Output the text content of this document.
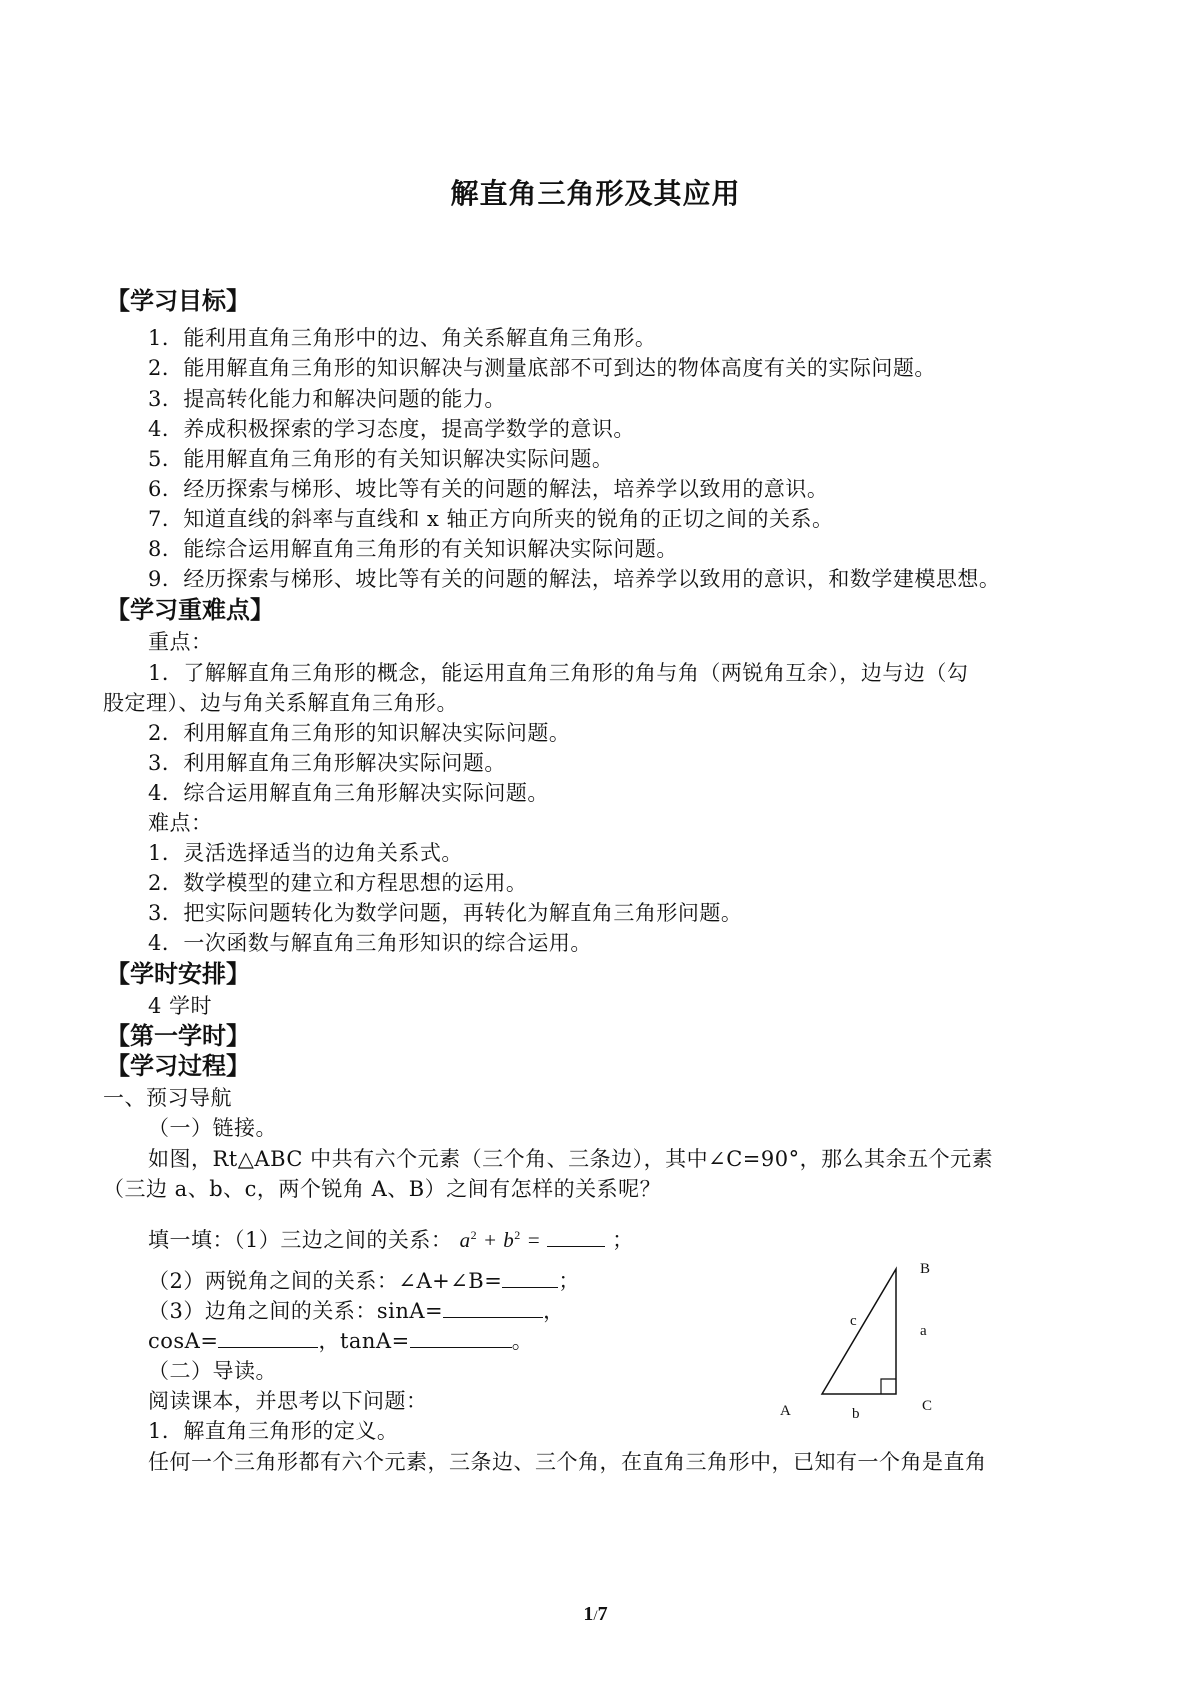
解直角三角形及其应用
【学习目标】
1．能利用直角三角形中的边、角关系解直角三角形。
2．能用解直角三角形的知识解决与测量底部不可到达的物体高度有关的实际问题。
3．提高转化能力和解决问题的能力。
4．养成积极探索的学习态度，提高学数学的意识。
5．能用解直角三角形的有关知识解决实际问题。
6．经历探索与梯形、坡比等有关的问题的解法，培养学以致用的意识。
7．知道直线的斜率与直线和 x 轴正方向所夹的锐角的正切之间的关系。
8．能综合运用解直角三角形的有关知识解决实际问题。
9．经历探索与梯形、坡比等有关的问题的解法，培养学以致用的意识，和数学建模思想。
【学习重难点】
重点：
1．了解解直角三角形的概念，能运用直角三角形的角与角（两锐角互余），边与边（勾
股定理）、边与角关系解直角三角形。
2．利用解直角三角形的知识解决实际问题。
3．利用解直角三角形解决实际问题。
4．综合运用解直角三角形解决实际问题。
难点：
1．灵活选择适当的边角关系式。
2．数学模型的建立和方程思想的运用。
3．把实际问题转化为数学问题，再转化为解直角三角形问题。
4．一次函数与解直角三角形知识的综合运用。
【学时安排】
4 学时
【第一学时】
【学习过程】
一、预习导航
（一）链接。
如图，Rt△ABC 中共有六个元素（三个角、三条边），其中∠C=90°，那么其余五个元素
（三边 a、b、c，两个锐角 A、B）之间有怎样的关系呢？
填一填：（1）三边之间的关系： $a^2 + b^2$ =	；
（2）两锐角之间的关系：∠A+∠B=	；
（3）边角之间的关系：sinA=	，
cosA=	，tanA=	。
（二）导读。
阅读课本，并思考以下问题：
1．解直角三角形的定义。
任何一个三角形都有六个元素，三条边、三个角，在直角三角形中，已知有一个角是直角
B
c
a
A	b	C
1/7
